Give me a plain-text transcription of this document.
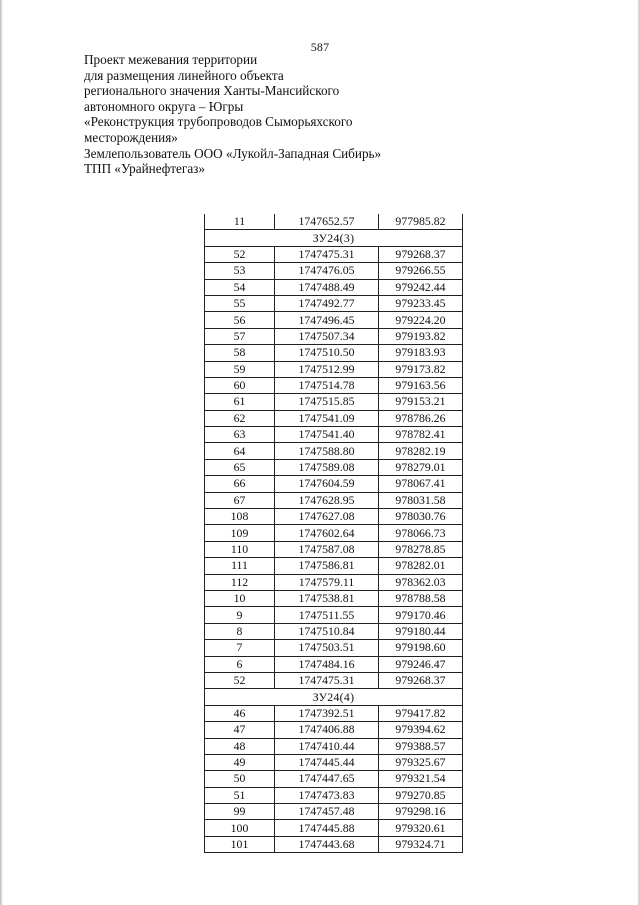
587
Проект межевания территории
для размещения линейного объекта
регионального значения Ханты-Мансийского
автономного округа – Югры
«Реконструкция трубопроводов Сыморьяхского
месторождения»
Землепользователь ООО «Лукойл-Западная Сибирь»
ТПП «Урайнефтегаз»
11	1747652.57	977985.82
ЗУ24(3)		
52	1747475.31	979268.37
53	1747476.05	979266.55
54	1747488.49	979242.44
55	1747492.77	979233.45
56	1747496.45	979224.20
57	1747507.34	979193.82
58	1747510.50	979183.93
59	1747512.99	979173.82
60	1747514.78	979163.56
61	1747515.85	979153.21
62	1747541.09	978786.26
63	1747541.40	978782.41
64	1747588.80	978282.19
65	1747589.08	978279.01
66	1747604.59	978067.41
67	1747628.95	978031.58
108	1747627.08	978030.76
109	1747602.64	978066.73
110	1747587.08	978278.85
111	1747586.81	978282.01
112	1747579.11	978362.03
10	1747538.81	978788.58
9	1747511.55	979170.46
8	1747510.84	979180.44
7	1747503.51	979198.60
6	1747484.16	979246.47
52	1747475.31	979268.37
ЗУ24(4)		
46	1747392.51	979417.82
47	1747406.88	979394.62
48	1747410.44	979388.57
49	1747445.44	979325.67
50	1747447.65	979321.54
51	1747473.83	979270.85
99	1747457.48	979298.16
100	1747445.88	979320.61
101	1747443.68	979324.71
